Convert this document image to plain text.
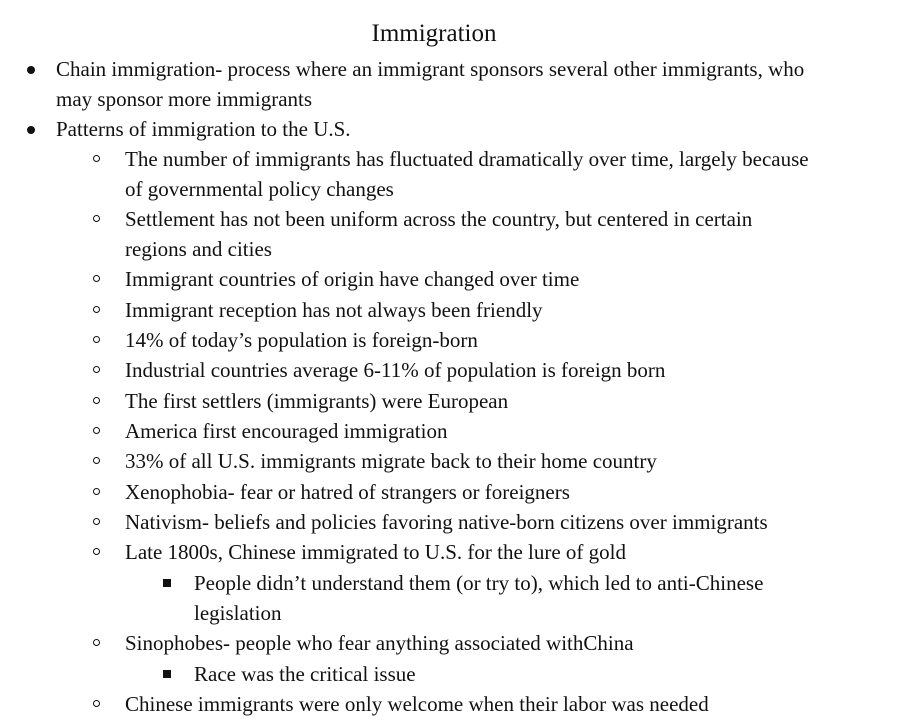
Immigration
Chain immigration- process where an immigrant sponsors several other immigrants, who
may sponsor more immigrants
Patterns of immigration to the U.S.
The number of immigrants has fluctuated dramatically over time, largely because
of governmental policy changes
Settlement has not been uniform across the country, but centered in certain
regions and cities
Immigrant countries of origin have changed over time
Immigrant reception has not always been friendly
14% of today’s population is foreign-born
Industrial countries average 6-11% of population is foreign born
The first settlers (immigrants) were European
America first encouraged immigration
33% of all U.S. immigrants migrate back to their home country
Xenophobia- fear or hatred of strangers or foreigners
Nativism- beliefs and policies favoring native-born citizens over immigrants
Late 1800s, Chinese immigrated to U.S. for the lure of gold
People didn’t understand them (or try to), which led to anti-Chinese
legislation
Sinophobes- people who fear anything associated withChina
Race was the critical issue
Chinese immigrants were only welcome when their labor was needed
